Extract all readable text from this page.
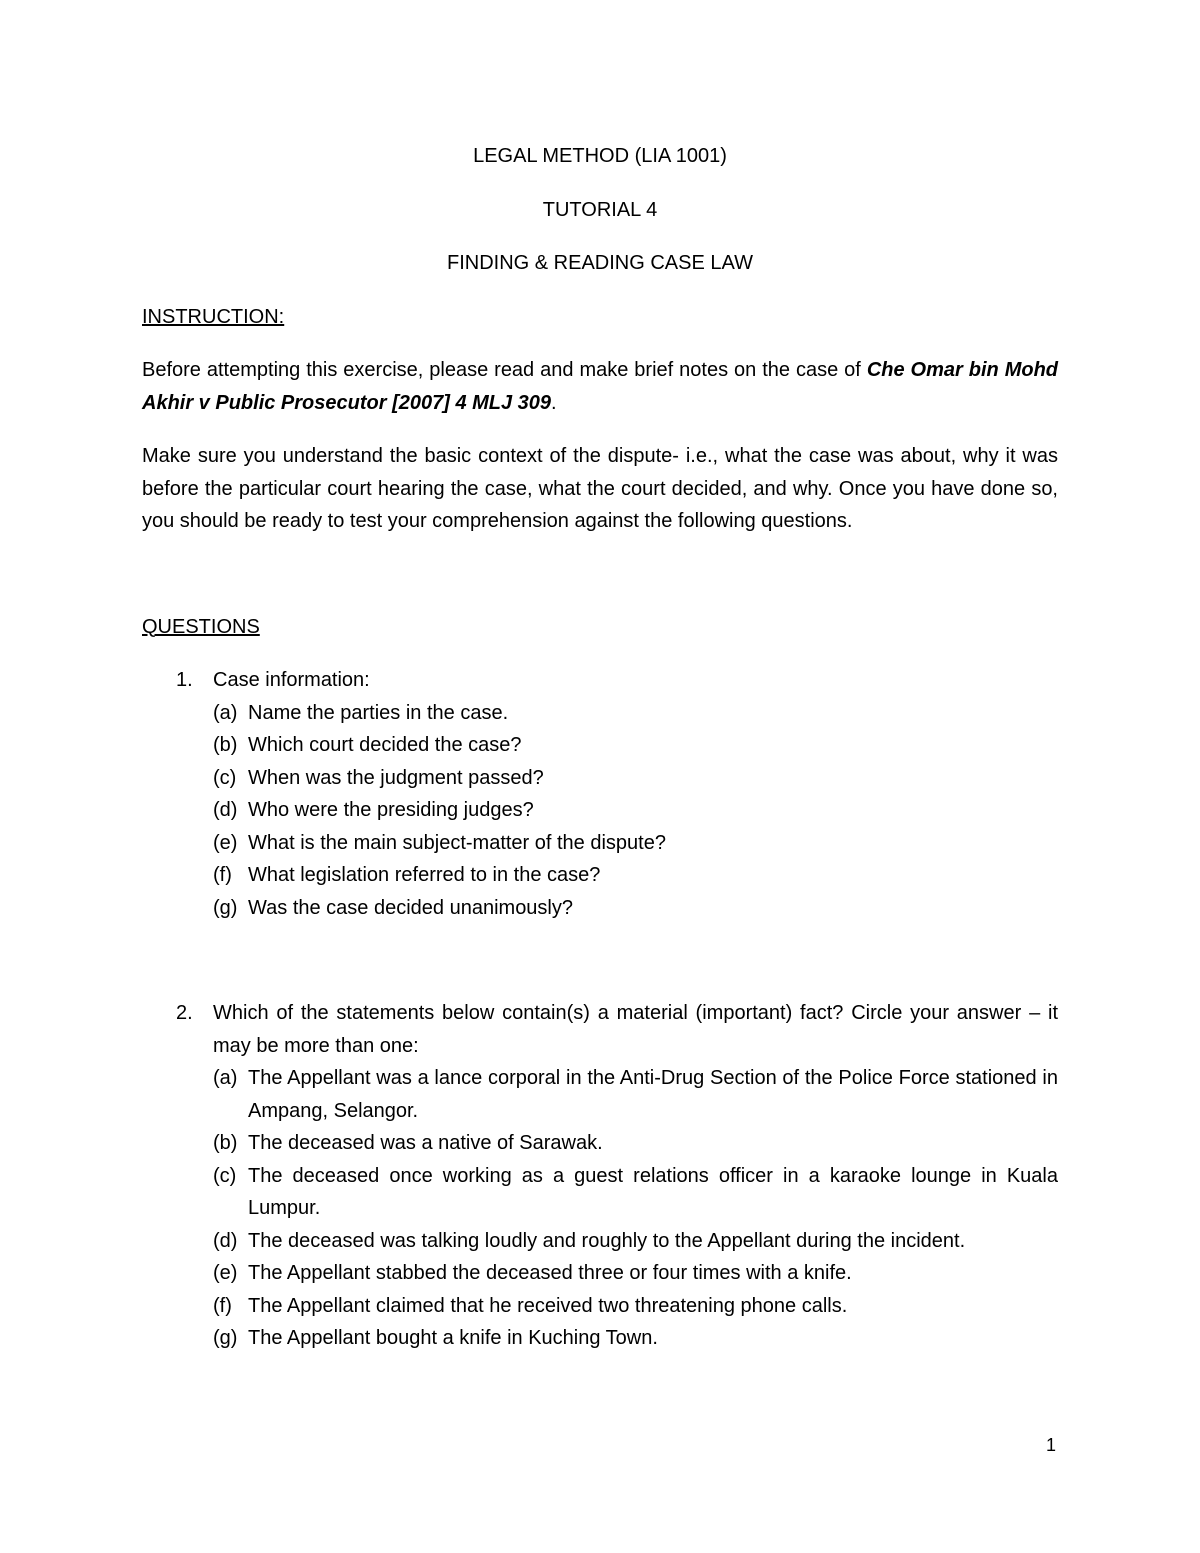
LEGAL METHOD (LIA 1001)

TUTORIAL 4

FINDING & READING CASE LAW

INSTRUCTION:

Before attempting this exercise, please read and make brief notes on the case of Che Omar bin Mohd Akhir v Public Prosecutor [2007] 4 MLJ 309.

Make sure you understand the basic context of the dispute- i.e., what the case was about, why it was before the particular court hearing the case, what the court decided, and why. Once you have done so, you should be ready to test your comprehension against the following questions.

QUESTIONS

1. Case information:
(a) Name the parties in the case.
(b) Which court decided the case?
(c) When was the judgment passed?
(d) Who were the presiding judges?
(e) What is the main subject-matter of the dispute?
(f) What legislation referred to in the case?
(g) Was the case decided unanimously?
2. Which of the statements below contain(s) a material (important) fact? Circle your answer – it may be more than one:
(a) The Appellant was a lance corporal in the Anti-Drug Section of the Police Force stationed in Ampang, Selangor.
(b) The deceased was a native of Sarawak.
(c) The deceased once working as a guest relations officer in a karaoke lounge in Kuala Lumpur.
(d) The deceased was talking loudly and roughly to the Appellant during the incident.
(e) The Appellant stabbed the deceased three or four times with a knife.
(f) The Appellant claimed that he received two threatening phone calls.
(g) The Appellant bought a knife in Kuching Town.
1
